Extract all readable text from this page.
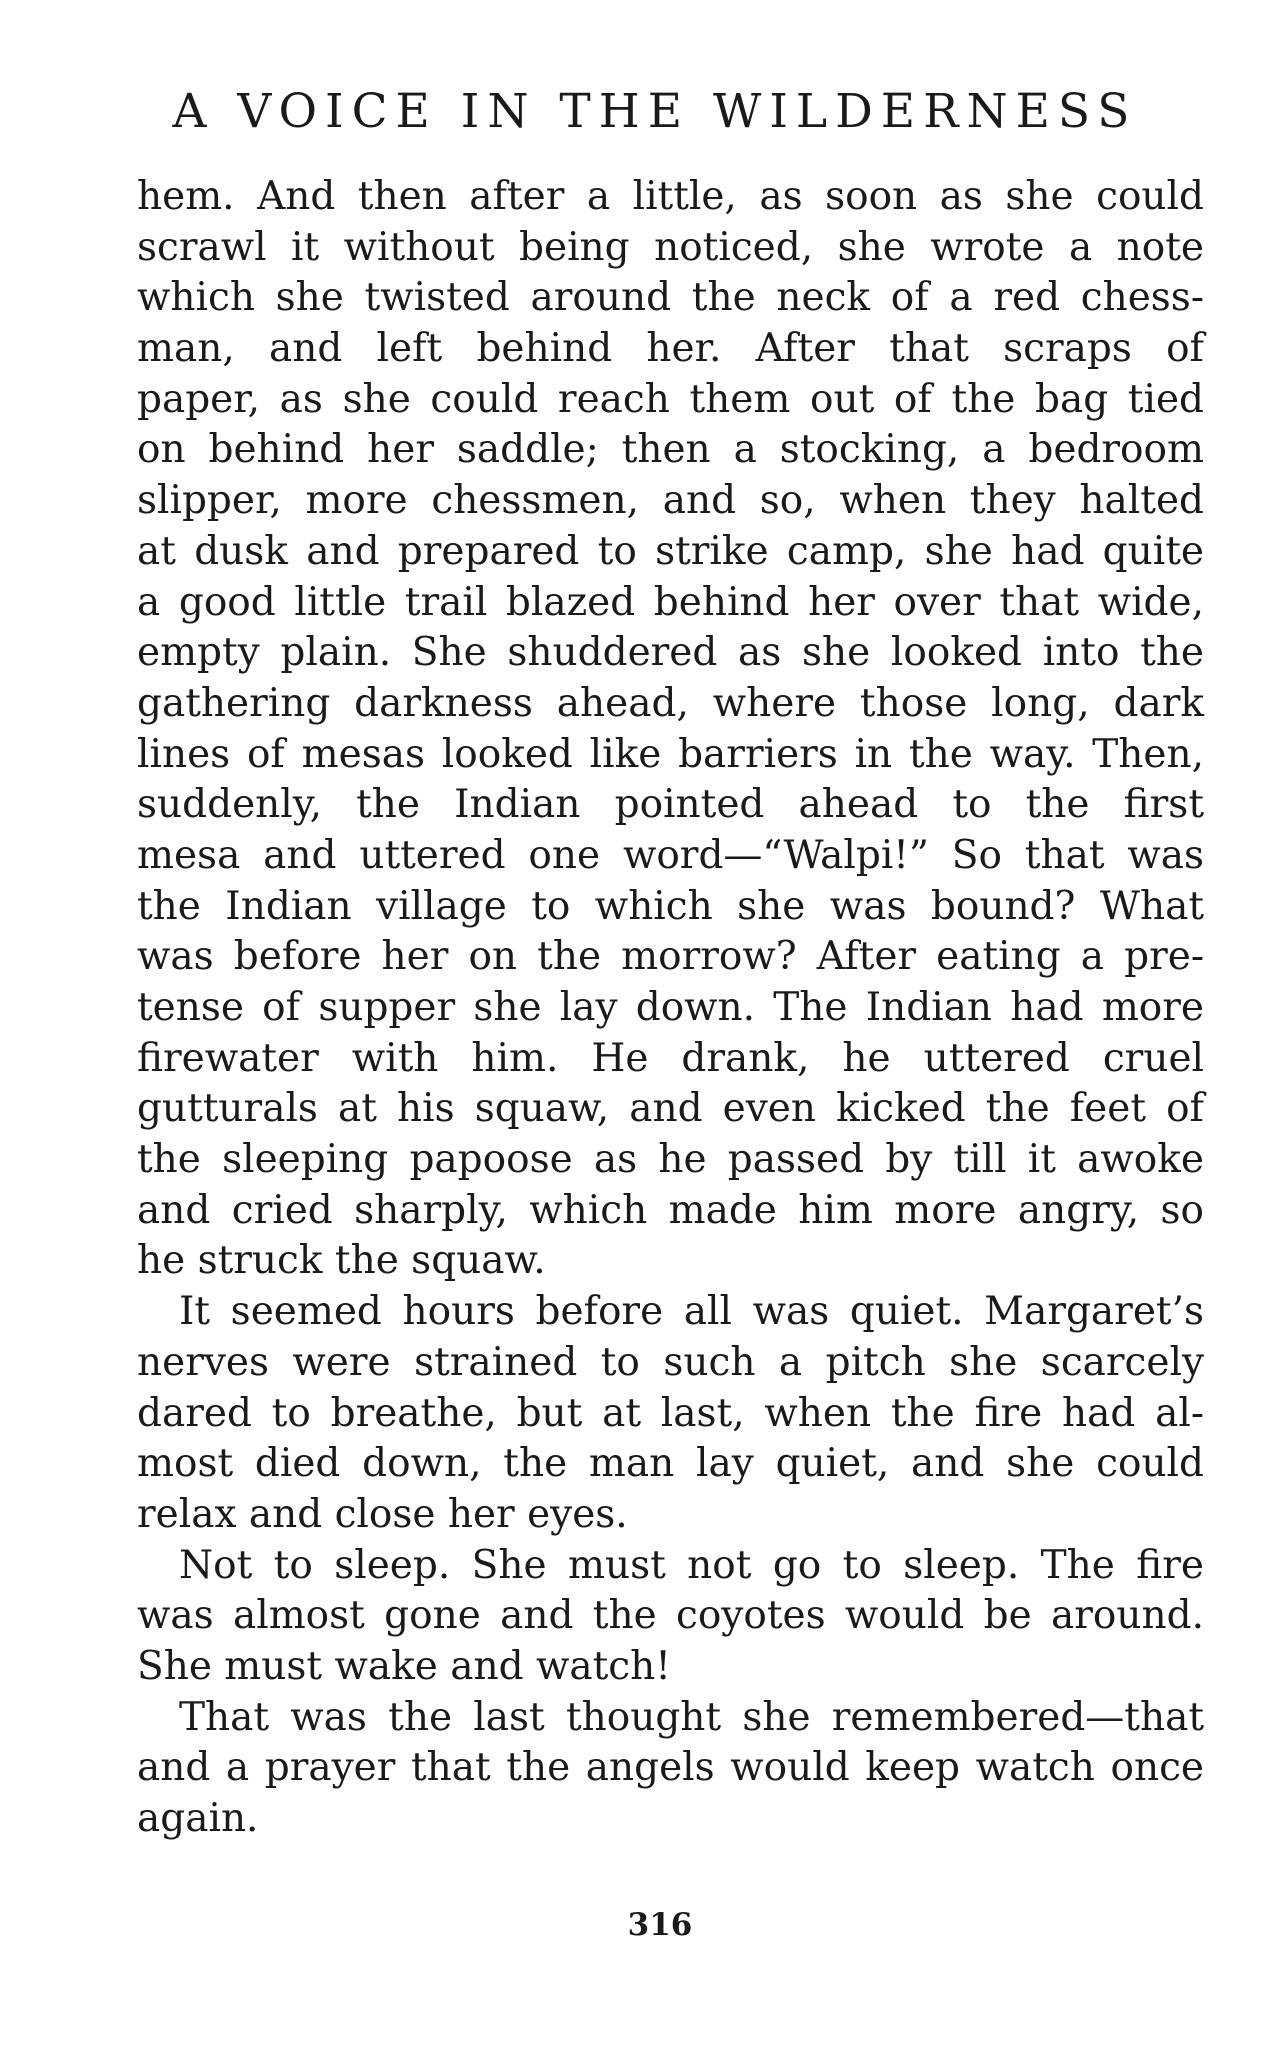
A VOICE IN THE WILDERNESS
hem. And then after a little, as soon as she could
scrawl it without being noticed, she wrote a note
which she twisted around the neck of a red chess-
man, and left behind her. After that scraps of
paper, as she could reach them out of the bag tied
on behind her saddle; then a stocking, a bedroom
slipper, more chessmen, and so, when they halted
at dusk and prepared to strike camp, she had quite
a good little trail blazed behind her over that wide,
empty plain. She shuddered as she looked into the
gathering darkness ahead, where those long, dark
lines of mesas looked like barriers in the way. Then,
suddenly, the Indian pointed ahead to the first
mesa and uttered one word—“Walpi!” So that was
the Indian village to which she was bound? What
was before her on the morrow? After eating a pre-
tense of supper she lay down. The Indian had more
firewater with him. He drank, he uttered cruel
gutturals at his squaw, and even kicked the feet of
the sleeping papoose as he passed by till it awoke
and cried sharply, which made him more angry, so
he struck the squaw.
It seemed hours before all was quiet. Margaret’s
nerves were strained to such a pitch she scarcely
dared to breathe, but at last, when the fire had al-
most died down, the man lay quiet, and she could
relax and close her eyes.
Not to sleep. She must not go to sleep. The fire
was almost gone and the coyotes would be around.
She must wake and watch!
That was the last thought she remembered—that
and a prayer that the angels would keep watch once
again.
316
